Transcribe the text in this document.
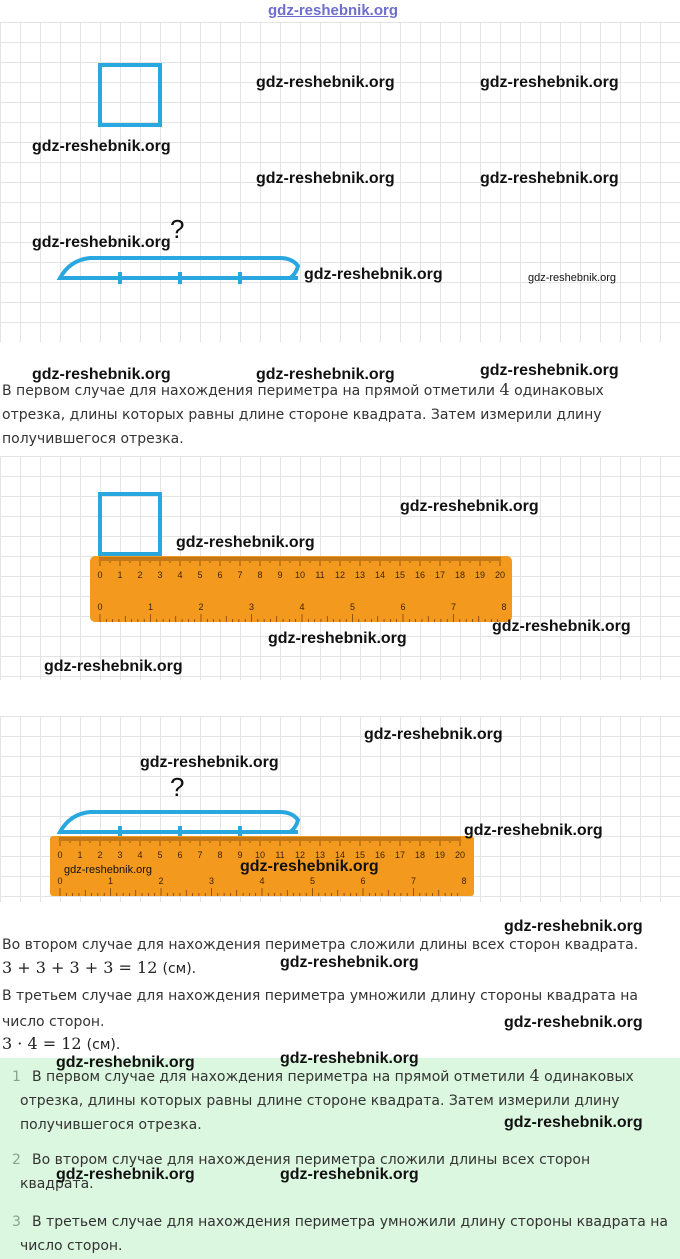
gdz-reshebnik.org
?
gdz-reshebnik.org	gdz-reshebnik.org
gdz-reshebnik.org
gdz-reshebnik.org	gdz-reshebnik.org
gdz-reshebnik.org
gdz-reshebnik.org	gdz-reshebnik.org
gdz-reshebnik.org	gdz-reshebnik.org	gdz-reshebnik.org
В первом случае для нахождения периметра на прямой отметили 4 одинаковых
отрезка, длины которых равны длине стороне квадрата. Затем измерили длину
получившегося отрезка.
0 1 2 3 4 5 6 7 8 9 10 11 12 13 14 15 16 17 18 19 20
0	1	2	3	4	5	6	7	8
gdz-reshebnik.org
gdz-reshebnik.org
gdz-reshebnik.org
gdz-reshebnik.org
gdz-reshebnik.org
0 1 2 3 4 5 6 7 8 9 10 11 12 13 14 15 16 17 18 19 20
0	1	2	3	4	5	6	7	8
?
gdz-reshebnik.org
gdz-reshebnik.org
gdz-reshebnik.org
gdz-reshebnik.org	gdz-reshebnik.org
gdz-reshebnik.org
Во втором случае для нахождения периметра сложили длины всех сторон квадрата.
3 + 3 + 3 + 3 = 12 (см).	gdz-reshebnik.org
В третьем случае для нахождения периметра умножили длину стороны квадрата на
число сторон.	gdz-reshebnik.org
3 · 4 = 12 (см).
1 В первом случае для нахождения периметра на прямой отметили 4 одинаковых
отрезка, длины которых равны длине стороне квадрата. Затем измерили длину
получившегося отрезка.
2 Во втором случае для нахождения периметра сложили длины всех сторон
квадрата.
3 В третьем случае для нахождения периметра умножили длину стороны квадрата на
число сторон.
gdz-reshebnik.org	gdz-reshebnik.org
gdz-reshebnik.org
gdz-reshebnik.org	gdz-reshebnik.org
